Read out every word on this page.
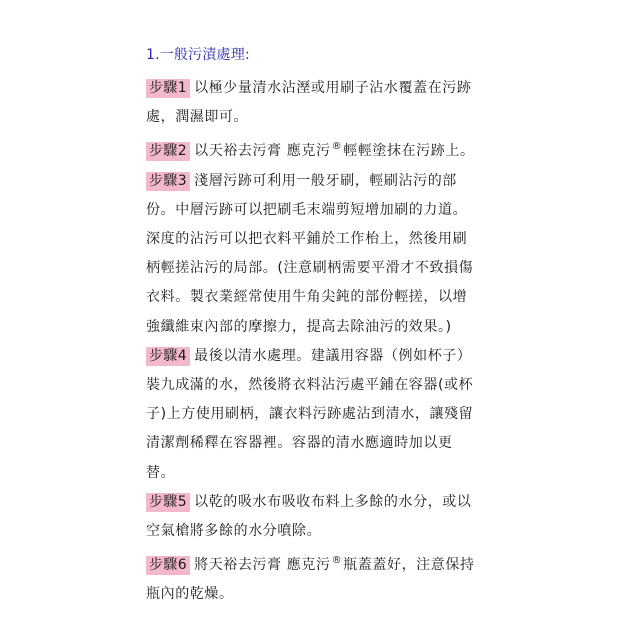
1.一般污漬處理:
步驟1 以極少量清水沾溼或用刷子沾水覆蓋在污跡
處，潤濕即可。
步驟2 以天裕去污膏 應克污®輕輕塗抹在污跡上。
步驟3 淺層污跡可利用一般牙刷，輕刷沾污的部
份。中層污跡可以把刷毛末端剪短增加刷的力道。
深度的沾污可以把衣料平鋪於工作枱上，然後用刷
柄輕搓沾污的局部。(注意刷柄需要平滑才不致損傷
衣料。製衣業經常使用牛角尖鈍的部份輕搓，以增
強纖維束內部的摩擦力，提高去除油污的效果。)
步驟4 最後以清水處理。建議用容器（例如杯子）
裝九成滿的水，然後將衣料沾污處平鋪在容器(或杯
子)上方使用刷柄，讓衣料污跡處沾到清水，讓殘留
清潔劑稀釋在容器裡。容器的清水應適時加以更
替。
步驟5 以乾的吸水布吸收布料上多餘的水分，或以
空氣槍將多餘的水分噴除。
步驟6 將天裕去污膏 應克污®瓶蓋蓋好，注意保持
瓶內的乾燥。
